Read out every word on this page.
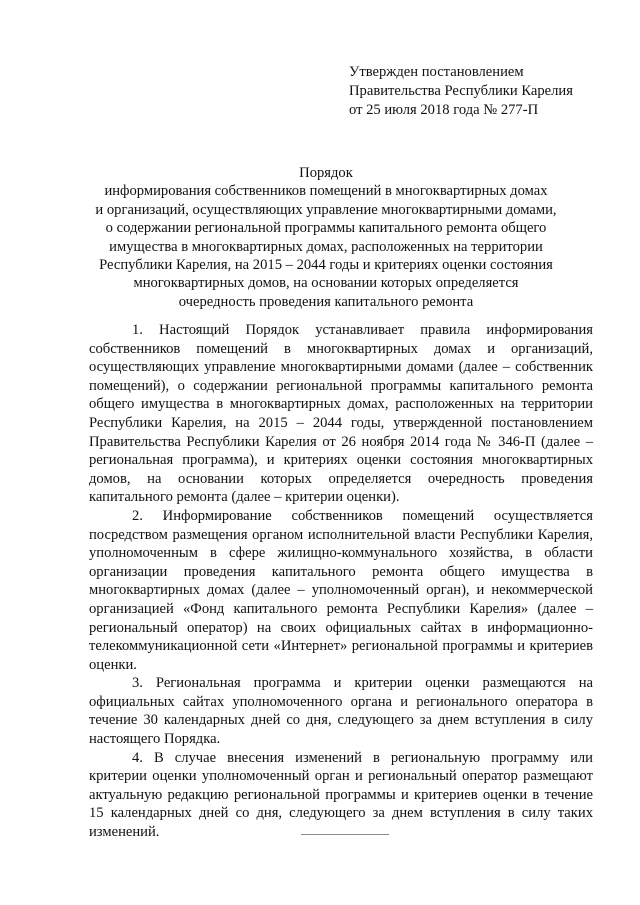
Утвержден постановлением
Правительства Республики Карелия
от 25 июля 2018 года № 277-П
Порядок
информирования собственников помещений в многоквартирных домах
и организаций, осуществляющих управление многоквартирными домами,
о содержании региональной программы капитального ремонта общего
имущества в многоквартирных домах, расположенных на территории
Республики Карелия, на 2015 – 2044 годы и критериях оценки состояния
многоквартирных домов, на основании которых определяется
очередность проведения капитального ремонта

1. Настоящий Порядок устанавливает правила информирования собственников помещений в многоквартирных домах и организаций, осуществляющих управление многоквартирными домами (далее – собственник помещений), о содержании региональной программы капитального ремонта общего имущества в многоквартирных домах, расположенных на территории Республики Карелия, на 2015 – 2044 годы, утвержденной постановлением Правительства Республики Карелия от 26 ноября 2014 года № 346-П (далее – региональная программа), и критериях оценки состояния многоквартирных домов, на основании которых определяется очередность проведения капитального ремонта (далее – критерии оценки).

2. Информирование собственников помещений осуществляется посредством размещения органом исполнительной власти Республики Карелия, уполномоченным в сфере жилищно-коммунального хозяйства, в области организации проведения капитального ремонта общего имущества в многоквартирных домах (далее – уполномоченный орган), и некоммерческой организацией «Фонд капитального ремонта Республики Карелия» (далее – региональный оператор) на своих официальных сайтах в информационно-телекоммуникационной сети «Интернет» региональной программы и критериев оценки.

3. Региональная программа и критерии оценки размещаются на официальных сайтах уполномоченного органа и регионального оператора в течение 30 календарных дней со дня, следующего за днем вступления в силу настоящего Порядка.

4. В случае внесения изменений в региональную программу или критерии оценки уполномоченный орган и региональный оператор размещают актуальную редакцию региональной программы и критериев оценки в течение 15 календарных дней со дня, следующего за днем вступления в силу таких изменений.
